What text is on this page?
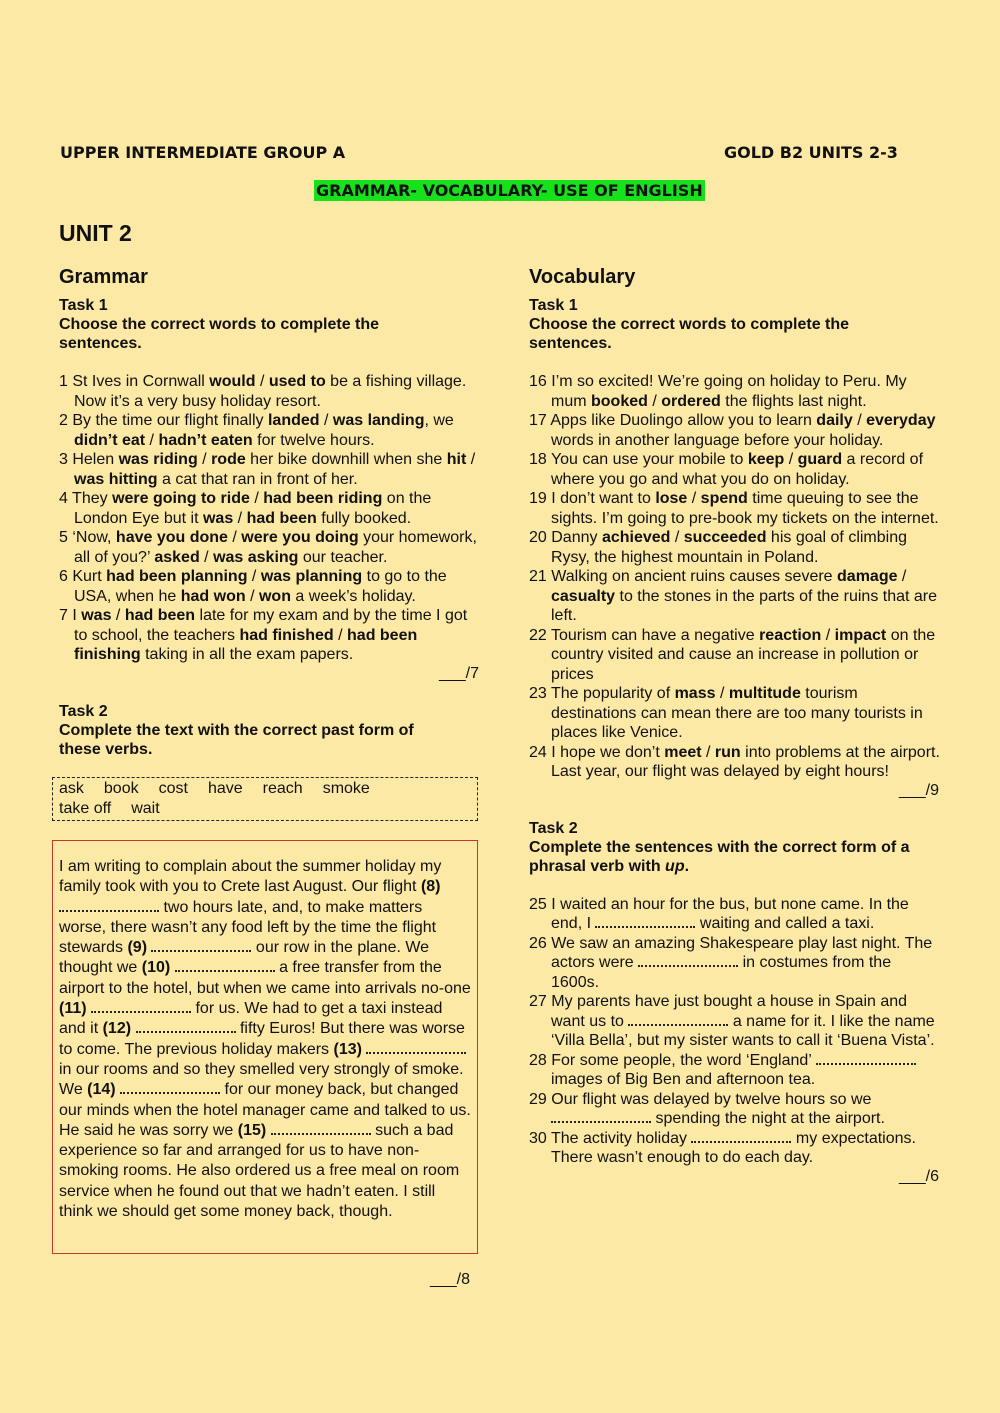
UPPER INTERMEDIATE GROUP A	GOLD B2 UNITS 2-3
GRAMMAR- VOCABULARY- USE OF ENGLISH
UNIT 2
Grammar
Task 1
Choose the correct words to complete the sentences.

1 St Ives in Cornwall would / used to be a fishing village. Now it’s a very busy holiday resort.

2 By the time our flight finally landed / was landing, we didn’t eat / hadn’t eaten for twelve hours.

3 Helen was riding / rode her bike downhill when she hit / was hitting a cat that ran in front of her.

4 They were going to ride / had been riding on the London Eye but it was / had been fully booked.

5 ‘Now, have you done / were you doing your homework, all of you?’ asked / was asking our teacher.

6 Kurt had been planning / was planning to go to the USA, when he had won / won a week’s holiday.

7 I was / had been late for my exam and by the time I got to school, the teachers had finished / had been finishing taking in all the exam papers.

___/7
Task 2
Complete the text with the correct past form of these verbs.
ask book cost have reach smoke
take off wait
I am writing to complain about the summer holiday my family took with you to Crete last August. Our flight (8)  two hours late, and, to make matters worse, there wasn’t any food left by the time the flight stewards (9)	our row in the plane. We thought we (10)	a free transfer from the airport to the hotel, but when we came into arrivals no-one (11)	for us. We had to get a taxi instead and it (12)	fifty Euros! But there was worse to come. The previous holiday makers (13)  in our rooms and so they smelled very strongly of smoke. We (14)	for our money back, but changed our minds when the hotel manager came and talked to us. He said he was sorry we (15)	such a bad experience so far and arranged for us to have non-smoking rooms. He also ordered us a free meal on room service when he found out that we hadn’t eaten. I still think we should get some money back, though.
___/8
Vocabulary
Task 1
Choose the correct words to complete the sentences.

16 I’m so excited! We’re going on holiday to Peru. My mum booked / ordered the flights last night.

17 Apps like Duolingo allow you to learn daily / everyday words in another language before your holiday.

18 You can use your mobile to keep / guard a record of where you go and what you do on holiday.

19 I don’t want to lose / spend time queuing to see the sights. I’m going to pre-book my tickets on the internet.

20 Danny achieved / succeeded his goal of climbing Rysy, the highest mountain in Poland.

21 Walking on ancient ruins causes severe damage / casualty to the stones in the parts of the ruins that are left.

22 Tourism can have a negative reaction / impact on the country visited and cause an increase in pollution or prices

23 The popularity of mass / multitude tourism destinations can mean there are too many tourists in places like Venice.

24 I hope we don’t meet / run into problems at the airport. Last year, our flight was delayed by eight hours!

___/9
Task 2
Complete the sentences with the correct form of a phrasal verb with up.

25 I waited an hour for the bus, but none came. In the end, I	waiting and called a taxi.

26 We saw an amazing Shakespeare play last night. The actors were	in costumes from the 1600s.

27 My parents have just bought a house in Spain and want us to	a name for it. I like the name ‘Villa Bella’, but my sister wants to call it ‘Buena Vista’.

28 For some people, the word ‘England’  images of Big Ben and afternoon tea.

29 Our flight was delayed by twelve hours so we  spending the night at the airport.

30 The activity holiday	my expectations. There wasn’t enough to do each day.

___/6
